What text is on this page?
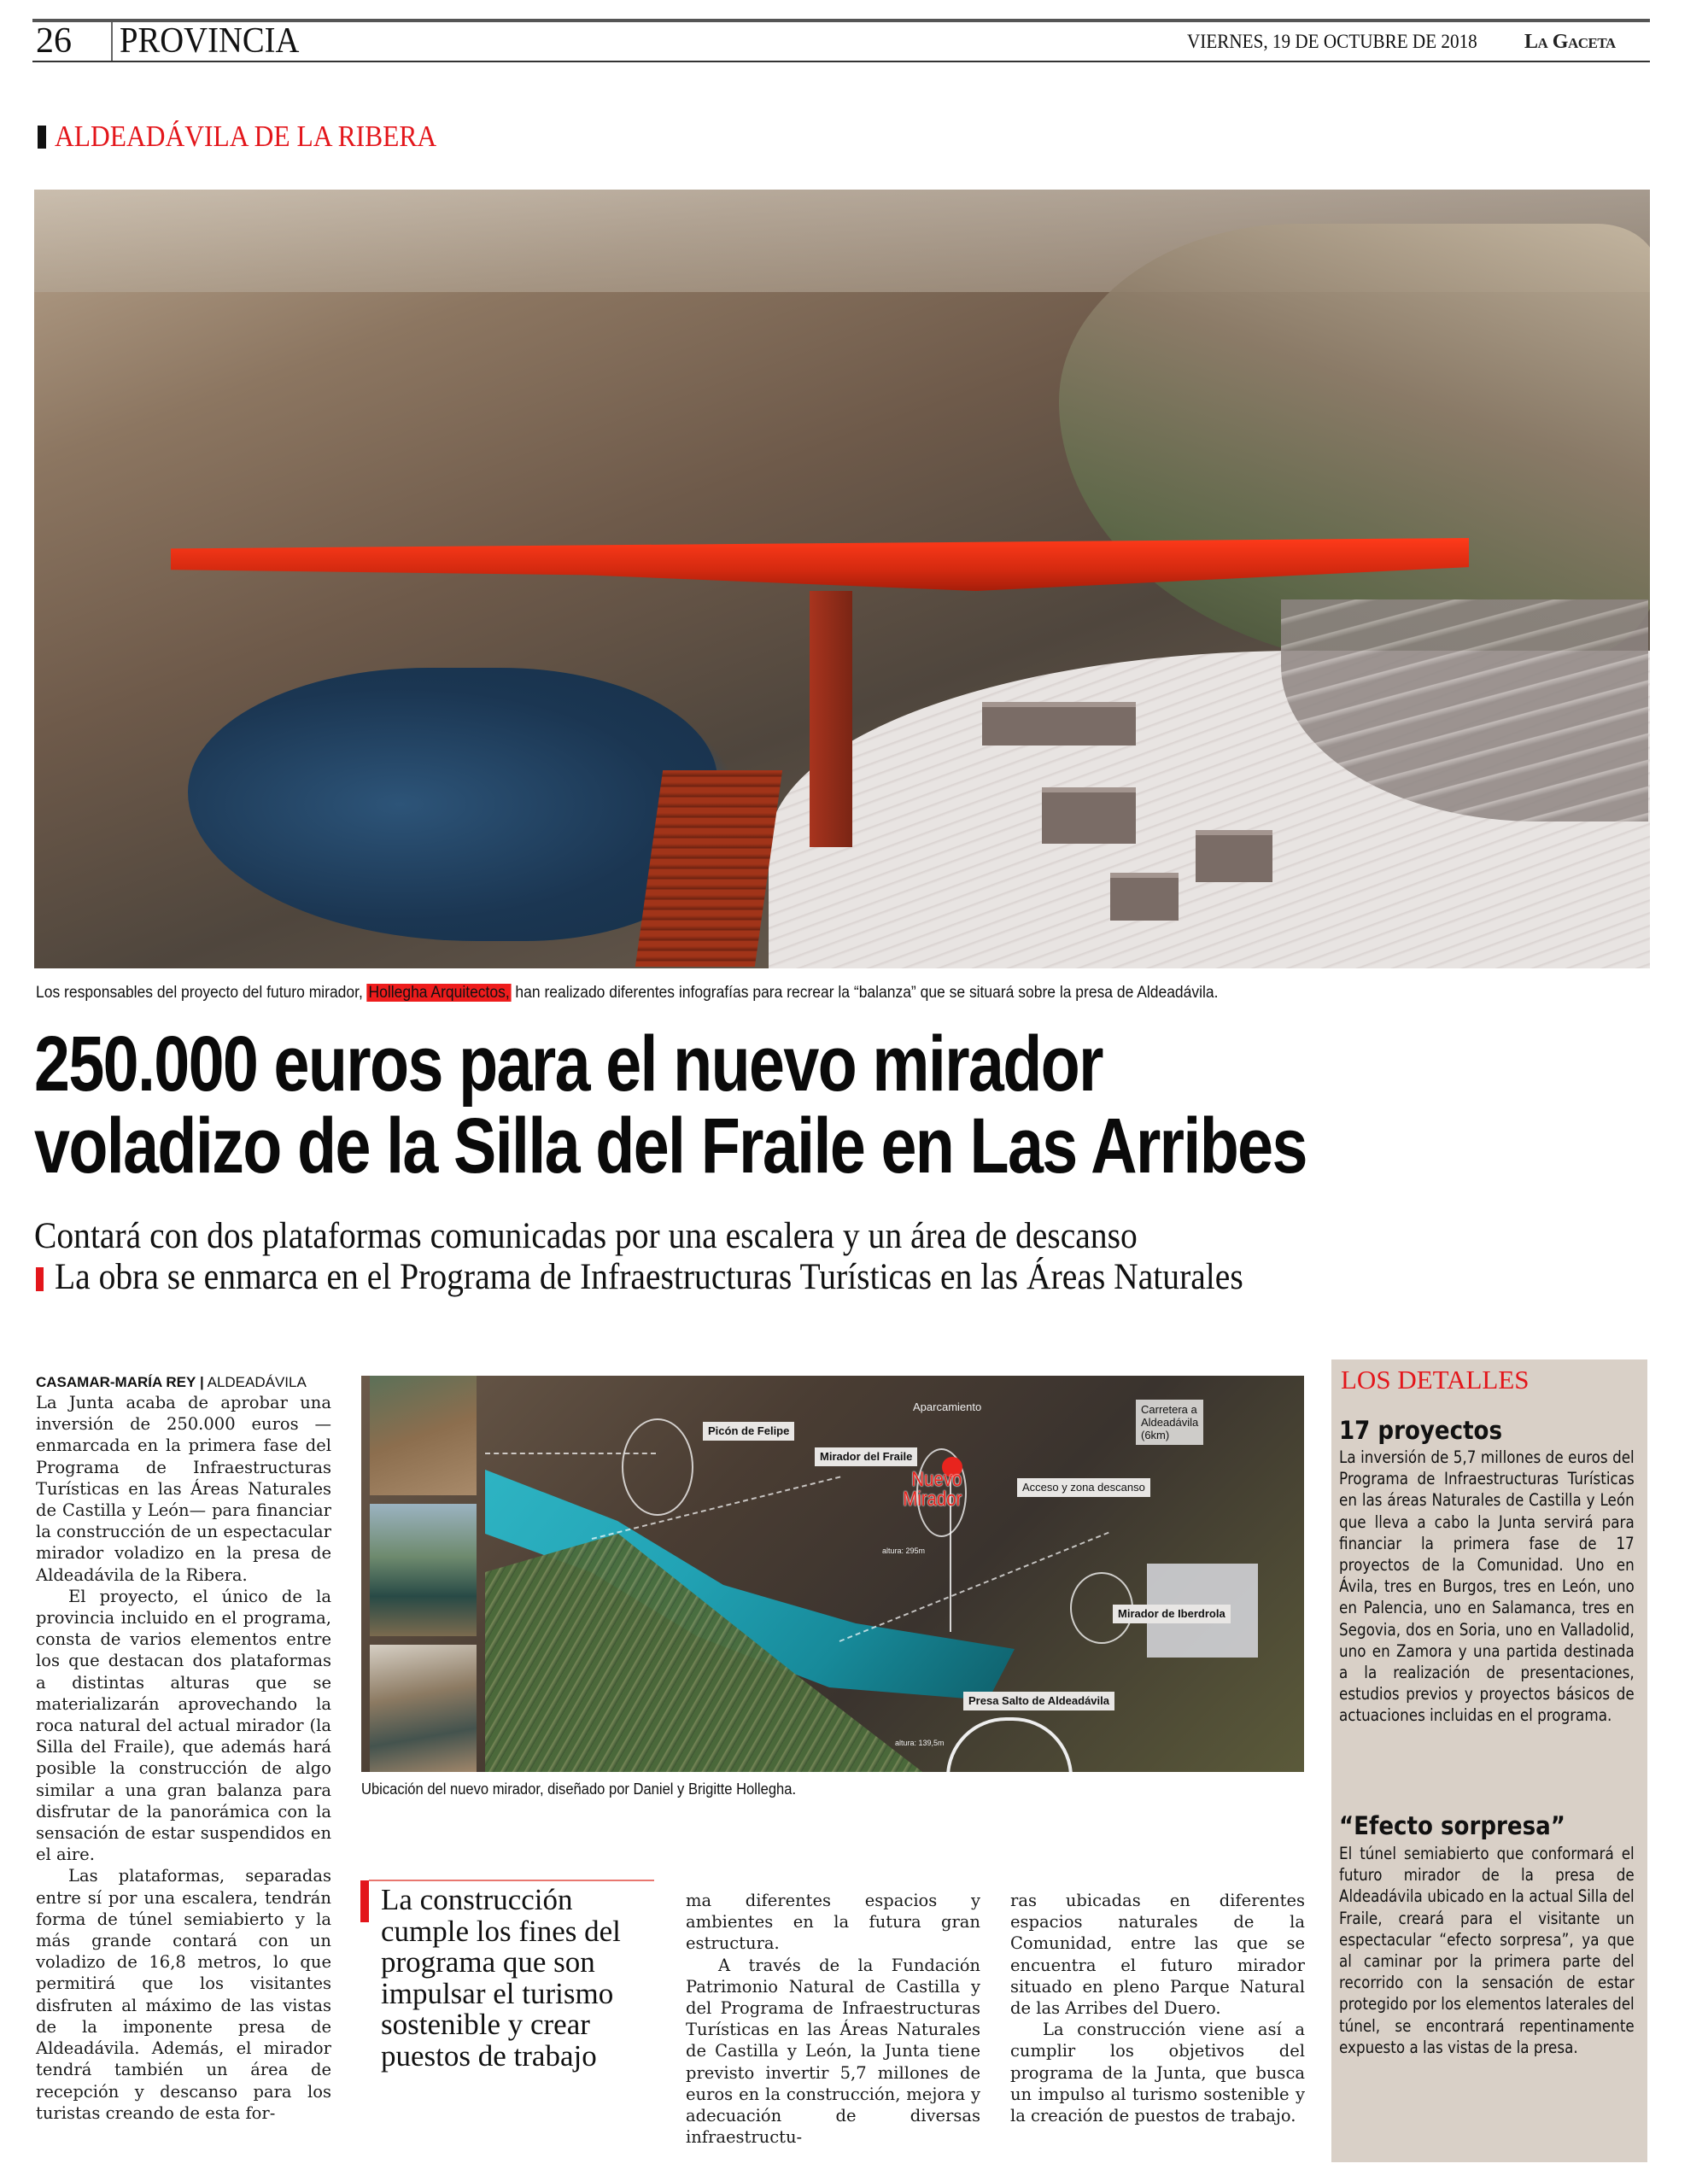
26 PROVINCIA	VIERNES, 19 DE OCTUBRE DE 2018 La Gaceta
ALDEADÁVILA DE LA RIBERA
Los responsables del proyecto del futuro mirador, Hollegha Arquitectos, han realizado diferentes infografías para recrear la “balanza” que se situará sobre la presa de Aldeadávila.
250.000 euros para el nuevo mirador
voladizo de la Silla del Fraile en Las Arribes
Contará con dos plataformas comunicadas por una escalera y un área de descanso
La obra se enmarca en el Programa de Infraestructuras Turísticas en las Áreas Naturales
CASAMAR-MARÍA REY | ALDEADÁVILA

La Junta acaba de aprobar una inversión de 250.000 euros —enmarcada en la primera fase del Programa de Infraestructuras Turísticas en las Áreas Naturales de Castilla y León— para financiar la construcción de un espectacular mirador voladizo en la presa de Aldeadávila de la Ribera.

El proyecto, el único de la provincia incluido en el programa, consta de varios elementos entre los que destacan dos plataformas a distintas alturas que se materializarán aprovechando la roca natural del actual mirador (la Silla del Fraile), que además hará posible la construcción de algo similar a una gran balanza para disfrutar de la panorámica con la sensación de estar suspendidos en el aire.

Las plataformas, separadas entre sí por una escalera, tendrán forma de túnel semiabierto y la más grande contará con un voladizo de 16,8 metros, lo que permitirá que los visitantes disfruten al máximo de las vistas de la imponente presa de Aldeadávila. Además, el mirador tendrá también un área de recepción y descanso para los turistas creando de esta for-

Nuevo
Mirador
Picón de Felipe
Aparcamiento	Carretera a
Aldeadávila
(6km)
Mirador del Fraile
Acceso y zona descanso
Mirador de Iberdrola
Presa Salto de Aldeadávila
altura: 295m
altura: 139,5m
Ubicación del nuevo mirador, diseñado por Daniel y Brigitte Hollegha.
La construcción cumple los fines del programa que son impulsar el turismo sostenible y crear puestos de trabajo

ma diferentes espacios y ambientes en la futura gran estructura.

A través de la Fundación Patrimonio Natural de Castilla y del Programa de Infraestructuras Turísticas en las Áreas Naturales de Castilla y León, la Junta tiene previsto invertir 5,7 millones de euros en la construcción, mejora y adecuación de diversas infraestructu-

ras ubicadas en diferentes espacios naturales de la Comunidad, entre las que se encuentra el futuro mirador situado en pleno Parque Natural de las Arribes del Duero.

La construcción viene así a cumplir los objetivos del programa de la Junta, que busca un impulso al turismo sostenible y la creación de puestos de trabajo.

LOS DETALLES
17 proyectos
La inversión de 5,7 millones de euros del Programa de Infraestructuras Turísticas en las áreas Naturales de Castilla y León que lleva a cabo la Junta servirá para financiar la primera fase de 17 proyectos de la Comunidad. Uno en Ávila, tres en Burgos, tres en León, uno en Palencia, uno en Salamanca, tres en Segovia, dos en Soria, uno en Valladolid, uno en Zamora y una partida destinada a la realización de presentaciones, estudios previos y proyectos básicos de actuaciones incluidas en el programa.
“Efecto sorpresa”
El túnel semiabierto que conformará el futuro mirador de la presa de Aldeadávila ubicado en la actual Silla del Fraile, creará para el visitante un espectacular “efecto sorpresa”, ya que al caminar por la primera parte del recorrido con la sensación de estar protegido por los elementos laterales del túnel, se encontrará repentinamente expuesto a las vistas de la presa.
